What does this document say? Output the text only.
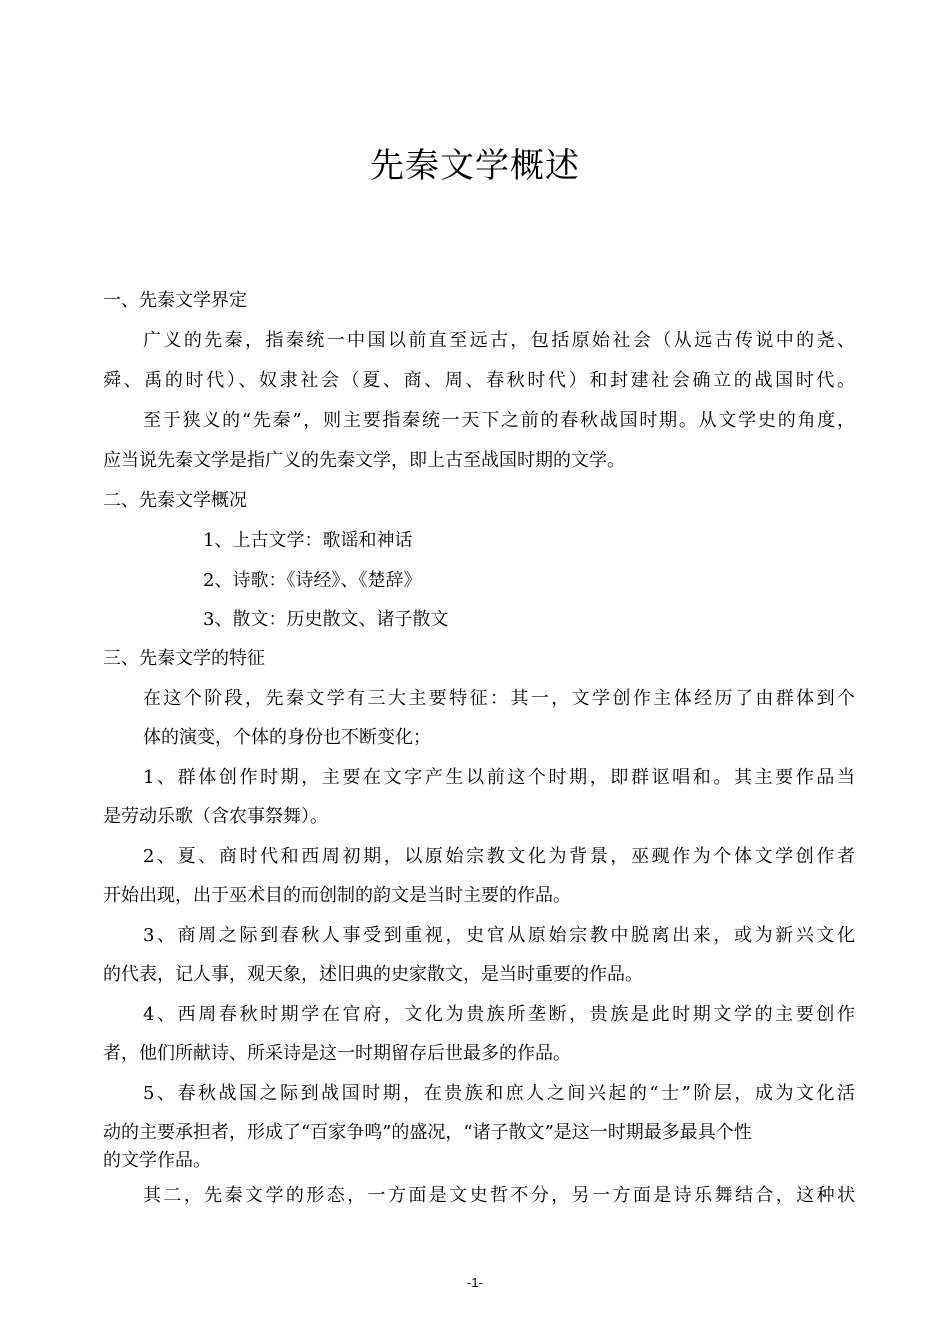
先秦文学概述
一、先秦文学界定
广义的先秦，指秦统一中国以前直至远古，包括原始社会（从远古传说中的尧、
舜、禹的时代）、奴隶社会（夏、商、周、春秋时代）和封建社会确立的战国时代。
至于狭义的“先秦”，则主要指秦统一天下之前的春秋战国时期。从文学史的角度，
应当说先秦文学是指广义的先秦文学，即上古至战国时期的文学。
二、先秦文学概况
1、上古文学：歌谣和神话
2、诗歌：《诗经》、《楚辞》
3、散文：历史散文、诸子散文
三、先秦文学的特征
在这个阶段，先秦文学有三大主要特征：其一，文学创作主体经历了由群体到个
体的演变，个体的身份也不断变化；
1、群体创作时期，主要在文字产生以前这个时期，即群讴唱和。其主要作品当
是劳动乐歌（含农事祭舞）。
2、夏、商时代和西周初期，以原始宗教文化为背景，巫觋作为个体文学创作者
开始出现，出于巫术目的而创制的韵文是当时主要的作品。
3、商周之际到春秋人事受到重视，史官从原始宗教中脱离出来，或为新兴文化
的代表，记人事，观天象，述旧典的史家散文，是当时重要的作品。
4、西周春秋时期学在官府，文化为贵族所垄断，贵族是此时期文学的主要创作
者，他们所献诗、所采诗是这一时期留存后世最多的作品。
5、春秋战国之际到战国时期，在贵族和庶人之间兴起的“士”阶层，成为文化活
动的主要承担者，形成了“百家争鸣”的盛况，“诸子散文”是这一时期最多最具个性
的文学作品。
其二，先秦文学的形态，一方面是文史哲不分，另一方面是诗乐舞结合，这种状
-1-
